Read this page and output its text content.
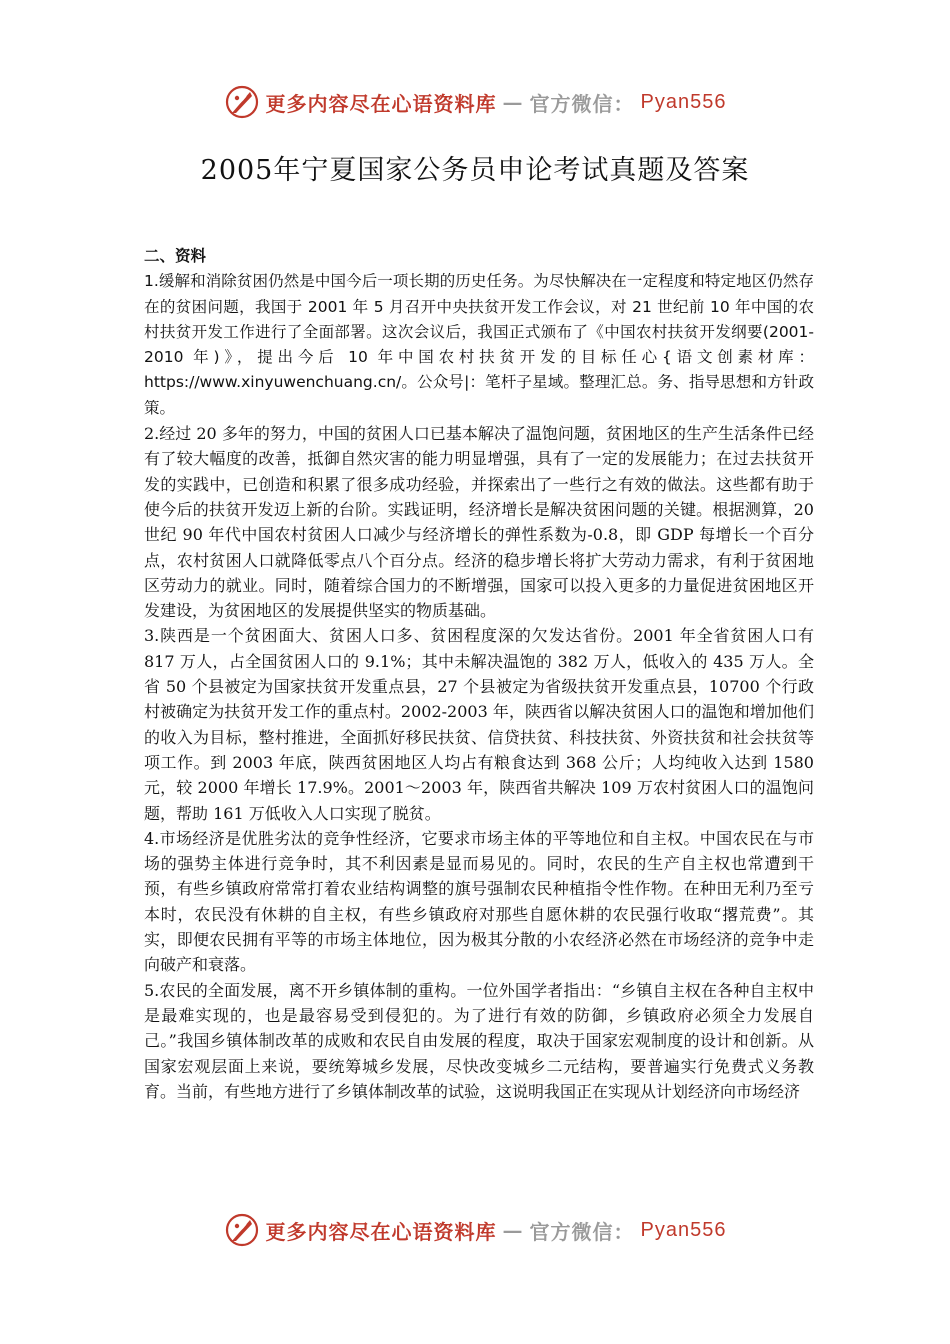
更多内容尽在心语资料库 — 官方微信： Pyan556
2005年宁夏国家公务员申论考试真题及答案

二、资料

1.缓解和消除贫困仍然是中国今后一项长期的历史任务。为尽快解决在一定程度和特定地区仍然存在的贫困问题，我国于 2001 年 5 月召开中央扶贫开发工作会议，对 21 世纪前 10 年中国的农村扶贫开发工作进行了全面部署。这次会议后，我国正式颁布了《中国农村扶贫开发纲要(2001-2010 年)》，提出今后 10 年中国农村扶贫开发的目标任心{语文创素材库：https://www.xinyuwenchuang.cn/。公众号|：笔杆子星域。整理汇总。务、指导思想和方针政策。

2.经过 20 多年的努力，中国的贫困人口已基本解决了温饱问题，贫困地区的生产生活条件已经有了较大幅度的改善，抵御自然灾害的能力明显增强，具有了一定的发展能力；在过去扶贫开发的实践中，已创造和积累了很多成功经验，并探索出了一些行之有效的做法。这些都有助于使今后的扶贫开发迈上新的台阶。实践证明，经济增长是解决贫困问题的关键。根据测算，20 世纪 90 年代中国农村贫困人口减少与经济增长的弹性系数为-0.8，即 GDP 每增长一个百分点，农村贫困人口就降低零点八个百分点。经济的稳步增长将扩大劳动力需求，有利于贫困地区劳动力的就业。同时，随着综合国力的不断增强，国家可以投入更多的力量促进贫困地区开发建设，为贫困地区的发展提供坚实的物质基础。

3.陕西是一个贫困面大、贫困人口多、贫困程度深的欠发达省份。2001 年全省贫困人口有 817 万人，占全国贫困人口的 9.1%；其中未解决温饱的 382 万人，低收入的 435 万人。全省 50 个县被定为国家扶贫开发重点县，27 个县被定为省级扶贫开发重点县，10700 个行政村被确定为扶贫开发工作的重点村。2002-2003 年，陕西省以解决贫困人口的温饱和增加他们的收入为目标，整村推进，全面抓好移民扶贫、信贷扶贫、科技扶贫、外资扶贫和社会扶贫等项工作。到 2003 年底，陕西贫困地区人均占有粮食达到 368 公斤；人均纯收入达到 1580 元，较 2000 年增长 17.9%。2001～2003 年，陕西省共解决 109 万农村贫困人口的温饱问题，帮助 161 万低收入人口实现了脱贫。

4.市场经济是优胜劣汰的竞争性经济，它要求市场主体的平等地位和自主权。中国农民在与市场的强势主体进行竞争时，其不利因素是显而易见的。同时，农民的生产自主权也常遭到干预，有些乡镇政府常常打着农业结构调整的旗号强制农民种植指令性作物。在种田无利乃至亏本时，农民没有休耕的自主权，有些乡镇政府对那些自愿休耕的农民强行收取“撂荒费”。其实，即便农民拥有平等的市场主体地位，因为极其分散的小农经济必然在市场经济的竞争中走向破产和衰落。

5.农民的全面发展，离不开乡镇体制的重构。一位外国学者指出：“乡镇自主权在各种自主权中是最难实现的，也是最容易受到侵犯的。为了进行有效的防御，乡镇政府必须全力发展自己。”我国乡镇体制改革的成败和农民自由发展的程度，取决于国家宏观制度的设计和创新。从国家宏观层面上来说，要统筹城乡发展，尽快改变城乡二元结构，要普遍实行免费式义务教育。当前，有些地方进行了乡镇体制改革的试验，这说明我国正在实现从计划经济向市场经济

更多内容尽在心语资料库 — 官方微信： Pyan556
